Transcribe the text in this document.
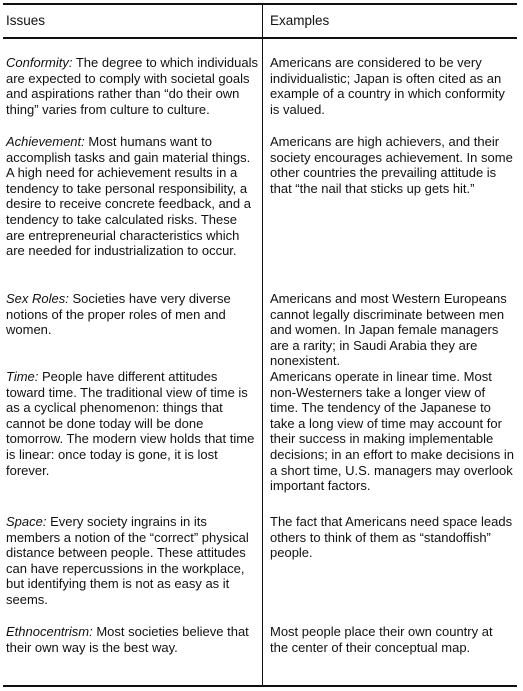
Issues	Examples
Conformity: The degree to which individuals are expected to comply with societal goals and aspirations rather than “do their own thing” varies from culture to culture.
Americans are considered to be very individualistic; Japan is often cited as an example of a country in which conformity is valued.
Achievement: Most humans want to accomplish tasks and gain material things. A high need for achievement results in a tendency to take personal responsibility, a desire to receive concrete feedback, and a tendency to take calculated risks. These are entrepreneurial characteristics which are needed for industrialization to occur.
Americans are high achievers, and their society encourages achievement. In some other countries the prevailing attitude is that “the nail that sticks up gets hit.”
Sex Roles: Societies have very diverse notions of the proper roles of men and women.
Americans and most Western Europeans cannot legally discriminate between men and women. In Japan female managers are a rarity; in Saudi Arabia they are nonexistent.
Time: People have different attitudes toward time. The traditional view of time is as a cyclical phenomenon: things that cannot be done today will be done tomorrow. The modern view holds that time is linear: once today is gone, it is lost forever.
Americans operate in linear time. Most non-Westerners take a longer view of time. The tendency of the Japanese to take a long view of time may account for their success in making implementable decisions; in an effort to make decisions in a short time, U.S. managers may overlook important factors.
Space: Every society ingrains in its members a notion of the “correct” physical distance between people. These attitudes can have repercussions in the workplace, but identifying them is not as easy as it seems.
The fact that Americans need space leads others to think of them as “standoffish” people.
Ethnocentrism: Most societies believe that their own way is the best way.
Most people place their own country at the center of their conceptual map.
